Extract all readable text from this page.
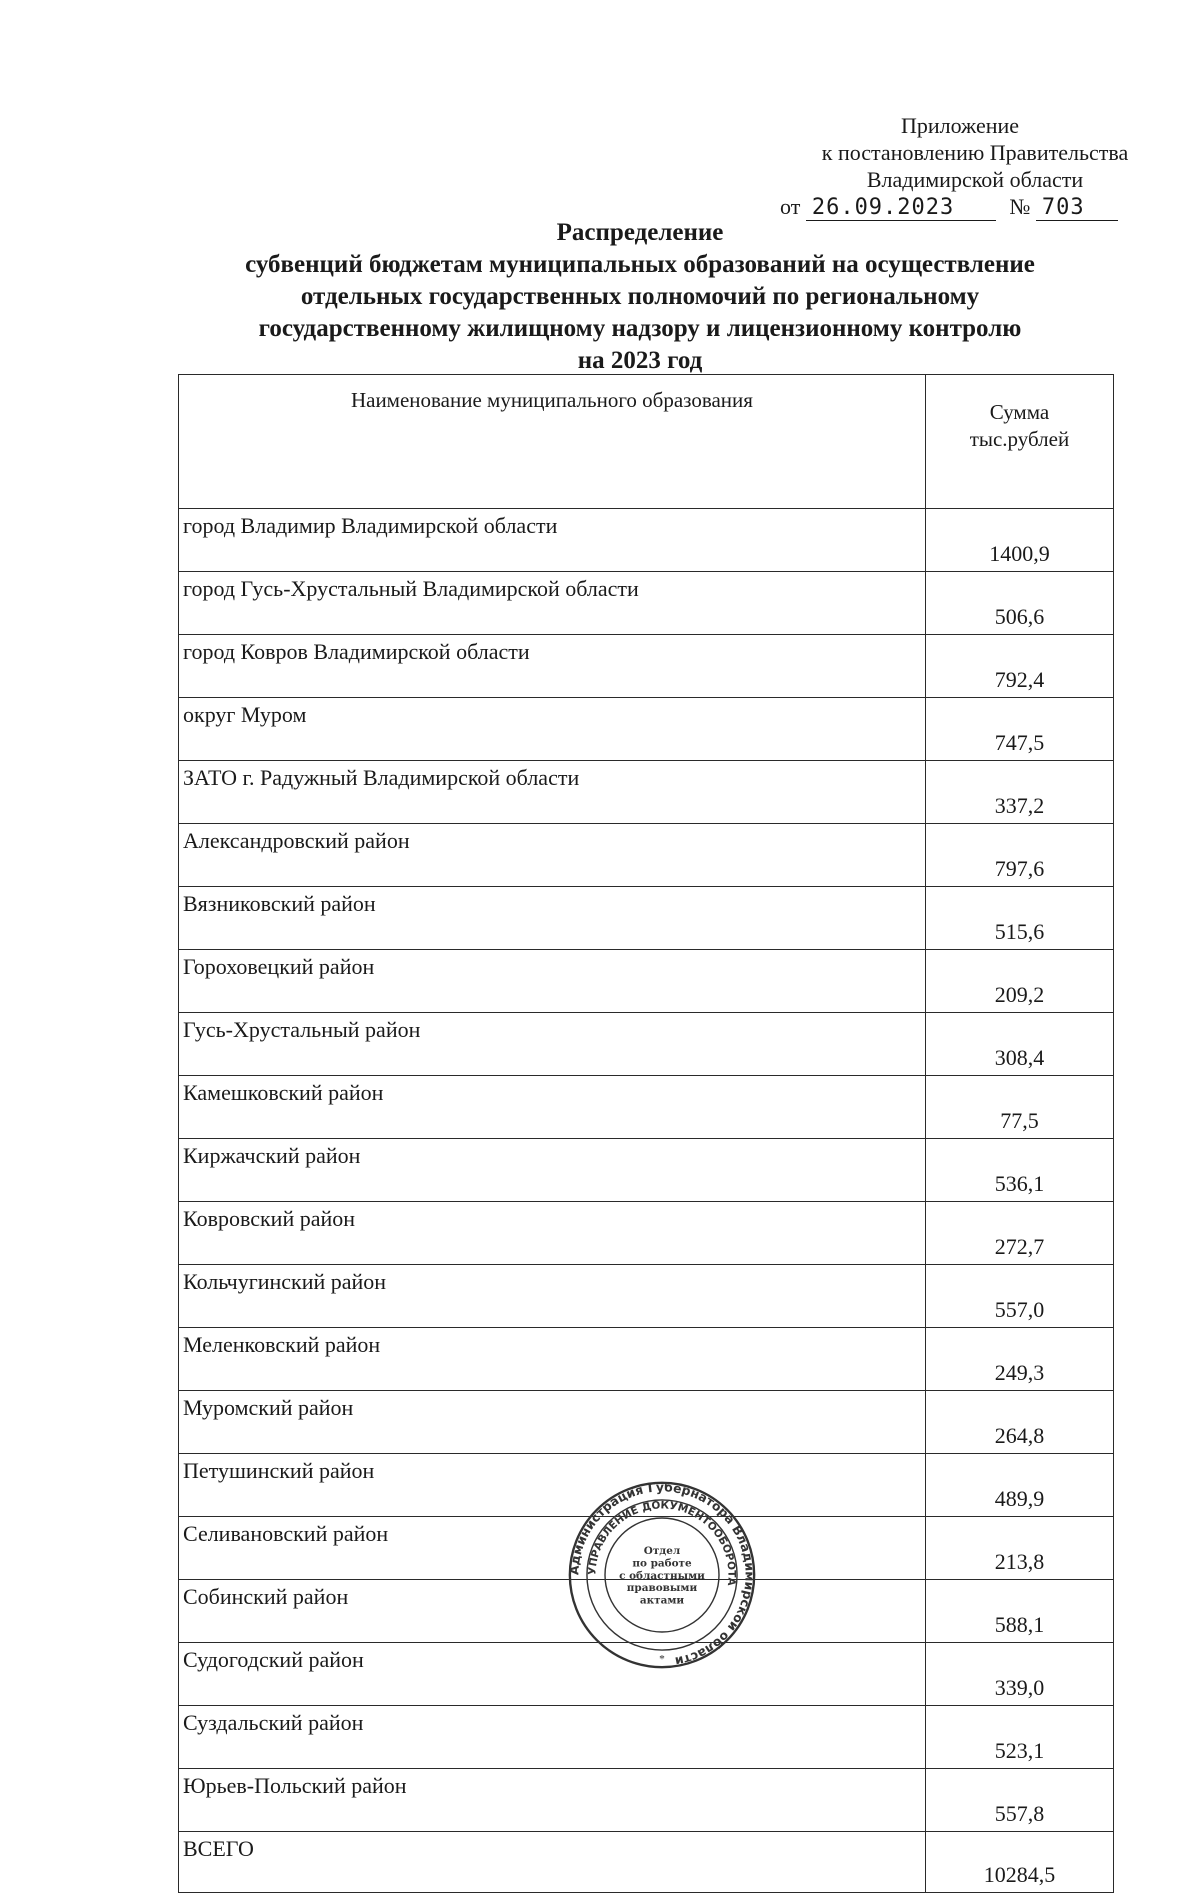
Приложение
к постановлению Правительства
Владимирской области
от 26.09.2023	№ 703
Распределение
субвенций бюджетам муниципальных образований на осуществление
отдельных государственных полномочий по региональному
государственному жилищному надзору и лицензионному контролю
на 2023 год
Наименование муниципального образования	Сумма
тыс.рублей
город Владимир Владимирской области	1400,9
город Гусь-Хрустальный Владимирской области	506,6
город Ковров Владимирской области	792,4
округ Муром	747,5
ЗАТО г. Радужный Владимирской области	337,2
Александровский район	797,6
Вязниковский район	515,6
Гороховецкий район	209,2
Гусь-Хрустальный район	308,4
Камешковский район	77,5
Киржачский район	536,1
Ковровский район	272,7
Кольчугинский район	557,0
Меленковский район	249,3
Муромский район	264,8
Петушинский район	489,9
Селивановский район	213,8
Собинский район	588,1
Судогодский район	339,0
Суздальский район	523,1
Юрьев-Польский район	557,8
ВСЕГО	10284,5
Администрация Губернатора Владимирской области
УПРАВЛЕНИЕ ДОКУМЕНТООБОРОТА
Отдел
по работе
с областными
правовыми
актами
*
